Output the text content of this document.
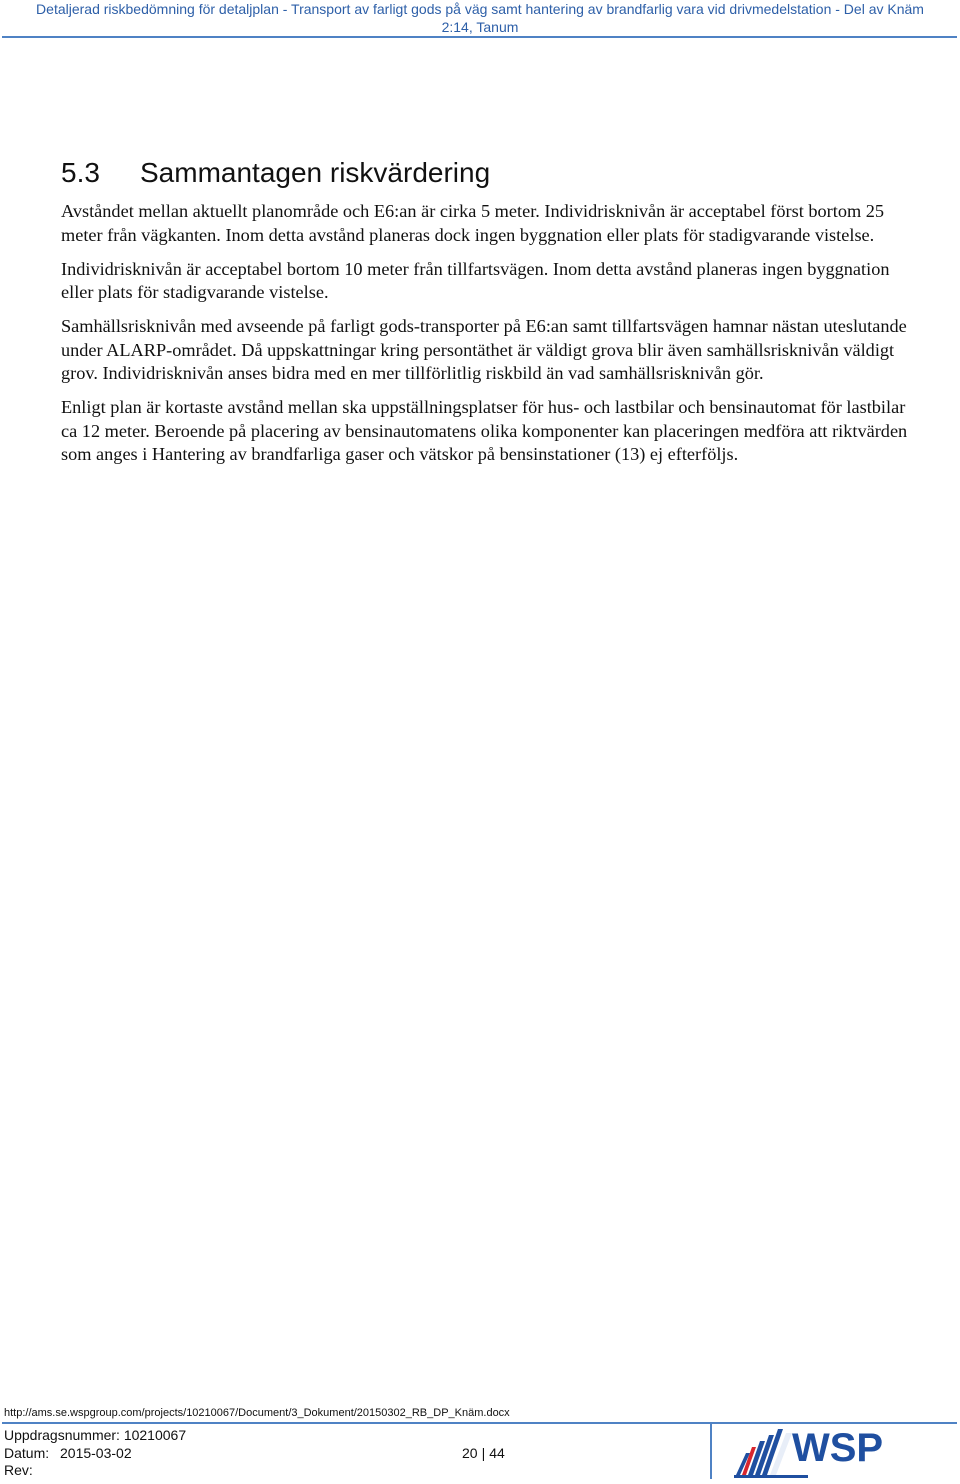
Detaljerad riskbedömning för detaljplan - Transport av farligt gods på väg samt hantering av brandfarlig vara vid drivmedelstation - Del av Knäm
2:14, Tanum
5.3 Sammantagen riskvärdering

Avståndet mellan aktuellt planområde och E6:an är cirka 5 meter. Individrisknivån är acceptabel först bortom 25 meter från vägkanten. Inom detta avstånd planeras dock ingen byggnation eller plats för stadigvarande vistelse.

Individrisknivån är acceptabel bortom 10 meter från tillfartsvägen. Inom detta avstånd planeras ingen byggnation eller plats för stadigvarande vistelse.

Samhällsrisknivån med avseende på farligt gods-transporter på E6:an samt tillfartsvägen hamnar nästan uteslutande under ALARP-området. Då uppskattningar kring persontäthet är väldigt grova blir även samhällsrisknivån väldigt grov. Individrisknivån anses bidra med en mer tillförlitlig riskbild än vad samhällsrisknivån gör.

Enligt plan är kortaste avstånd mellan ska uppställningsplatser för hus- och lastbilar och bensinautomat för lastbilar ca 12 meter. Beroende på placering av bensinautomatens olika komponenter kan placeringen medföra att riktvärden som anges i Hantering av brandfarliga gaser och vätskor på bensinstationer (13) ej efterföljs.

http://ams.se.wspgroup.com/projects/10210067/Document/3_Dokument/20150302_RB_DP_Knäm.docx
Uppdragsnummer: 10210067
Datum: 2015-03-02
Rev:
20 | 44	WSP
